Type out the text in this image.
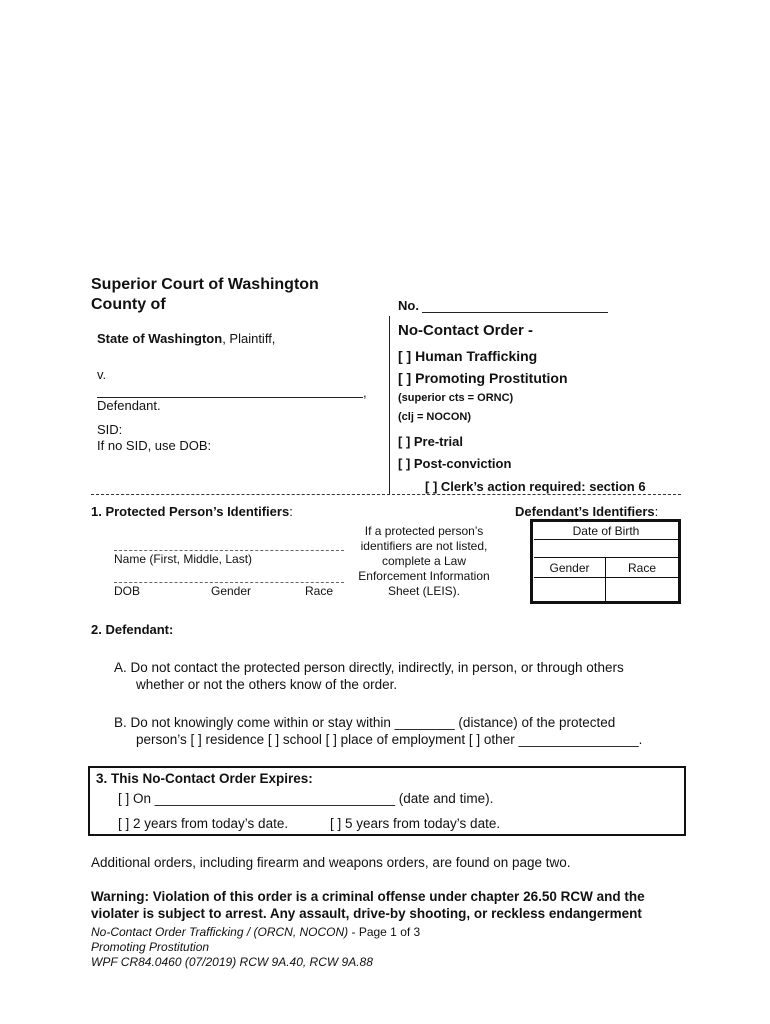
Superior Court of Washington
County of	No.
State of Washington, Plaintiff,
v.
,
Defendant.
SID:
If no SID, use DOB:
No-Contact Order -
[ ] Human Trafficking
[ ] Promoting Prostitution
(superior cts = ORNC)
(clj = NOCON)
[ ] Pre-trial
[ ] Post-conviction
[ ] Clerk’s action required: section 6
1. Protected Person’s Identifiers:
Name (First, Middle, Last)
DOB	Gender	Race
If a protected person’s
identifiers are not listed,
complete a Law
Enforcement Information
Sheet (LEIS).
Defendant’s Identifiers:
Date of Birth
Gender	Race
2. Defendant:
A. Do not contact the protected person directly, indirectly, in person, or through others
whether or not the others know of the order.
B. Do not knowingly come within or stay within ________ (distance) of the protected
person’s [ ] residence [ ] school [ ] place of employment [ ] other ________________.
3. This No-Contact Order Expires:
[ ] On ________________________________ (date and time).
[ ] 2 years from today’s date.	[ ] 5 years from today’s date.
Additional orders, including firearm and weapons orders, are found on page two.
Warning: Violation of this order is a criminal offense under chapter 26.50 RCW and the
violater is subject to arrest. Any assault, drive-by shooting, or reckless endangerment
No-Contact Order Trafficking / (ORCN, NOCON) - Page 1 of 3
Promoting Prostitution
WPF CR84.0460 (07/2019) RCW 9A.40, RCW 9A.88
